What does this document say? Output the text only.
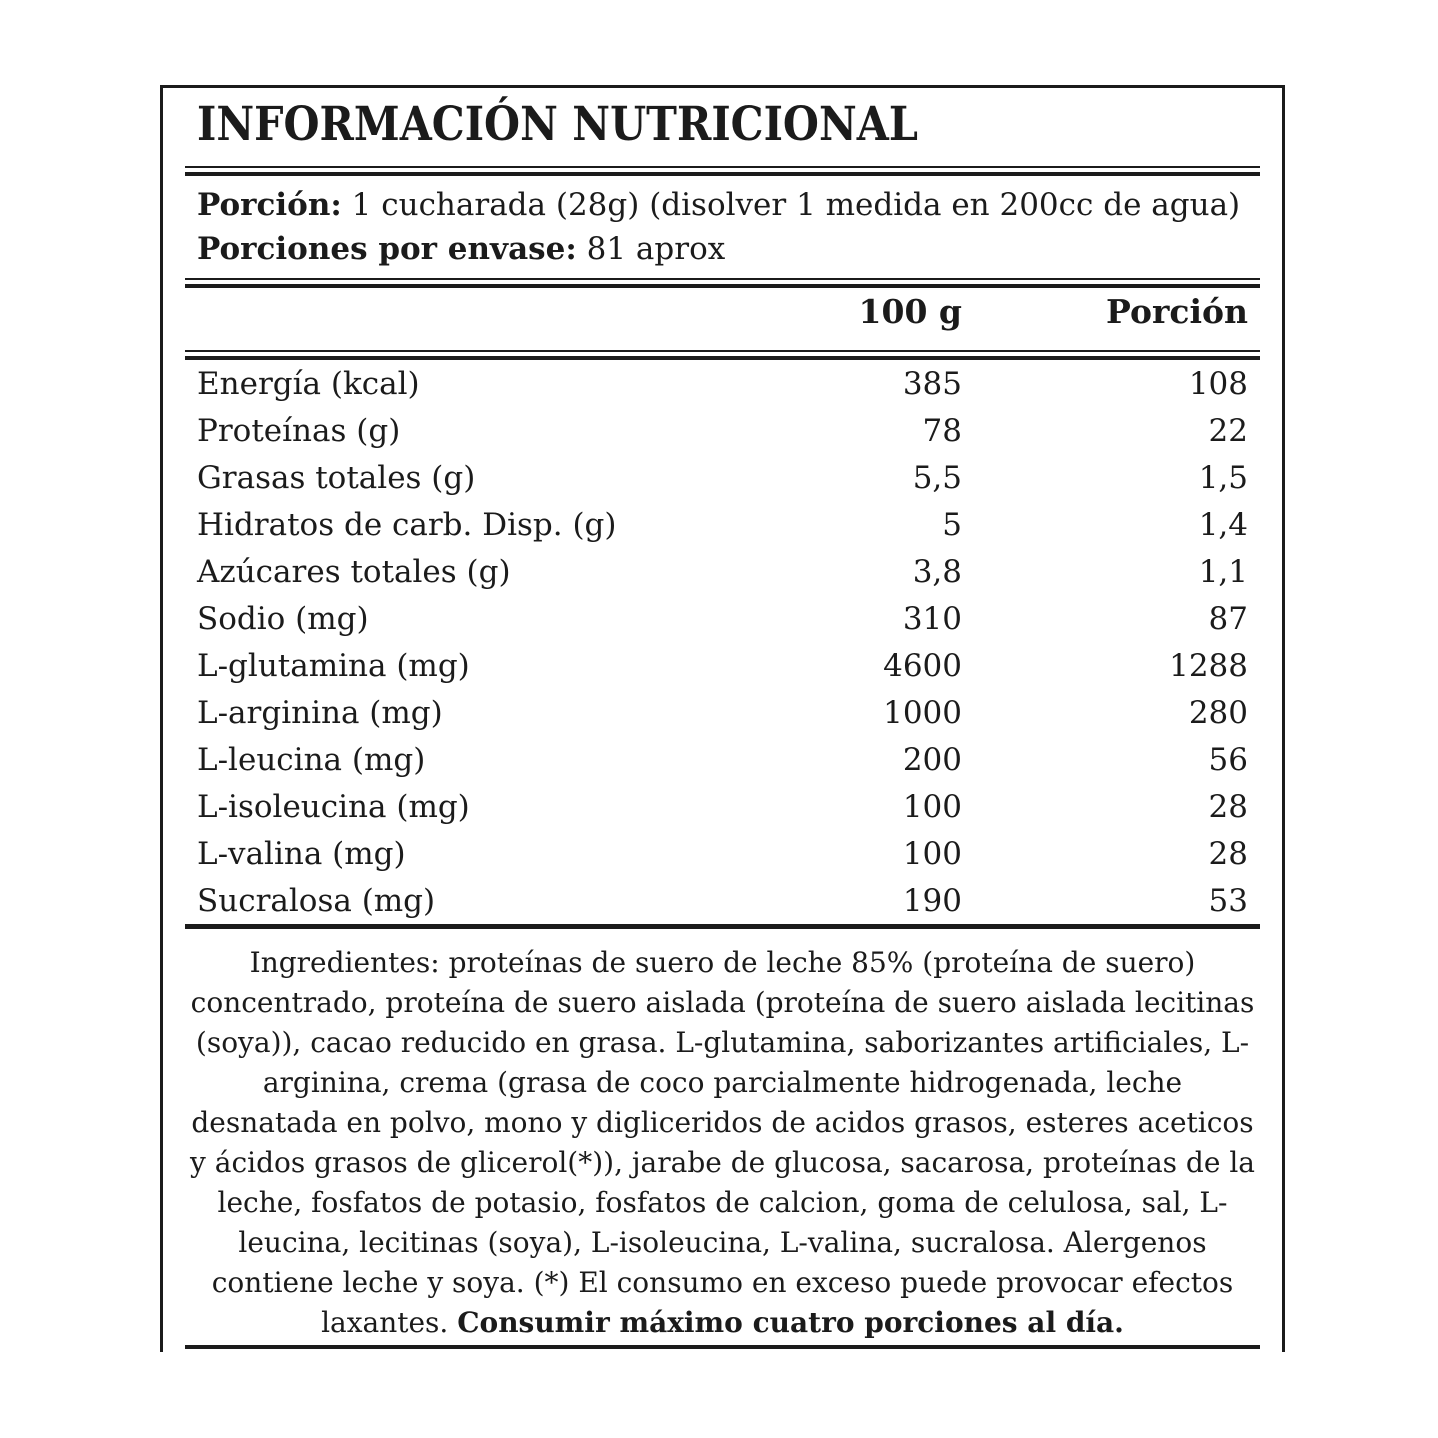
INFORMACIÓN NUTRICIONAL
Porción: 1 cucharada (28g) (disolver 1 medida en 200cc de agua)
Porciones por envase: 81 aprox
100 g	Porción
Energía (kcal)	385	108
Proteínas (g)	78	22
Grasas totales (g)	5,5	1,5
Hidratos de carb. Disp. (g)	5	1,4
Azúcares totales (g)	3,8	1,1
Sodio (mg)	310	87
L-glutamina (mg)	4600	1288
L-arginina (mg)	1000	280
L-leucina (mg)	200	56
L-isoleucina (mg)	100	28
L-valina (mg)	100	28
Sucralosa (mg)	190	53

Ingredientes: proteínas de suero de leche 85% (proteína de suero) concentrado, proteína de suero aislada (proteína de suero aislada lecitinas (soya)), cacao reducido en grasa. L-glutamina, saborizantes artificiales, L-arginina, crema (grasa de coco parcialmente hidrogenada, leche desnatada en polvo, mono y digliceridos de acidos grasos, esteres aceticos y ácidos grasos de glicerol(*)), jarabe de glucosa, sacarosa, proteínas de la leche, fosfatos de potasio, fosfatos de calcion, goma de celulosa, sal, L-leucina, lecitinas (soya), L-isoleucina, L-valina, sucralosa. Alergenos contiene leche y soya. (*) El consumo en exceso puede provocar efectos laxantes. Consumir máximo cuatro porciones al día.
